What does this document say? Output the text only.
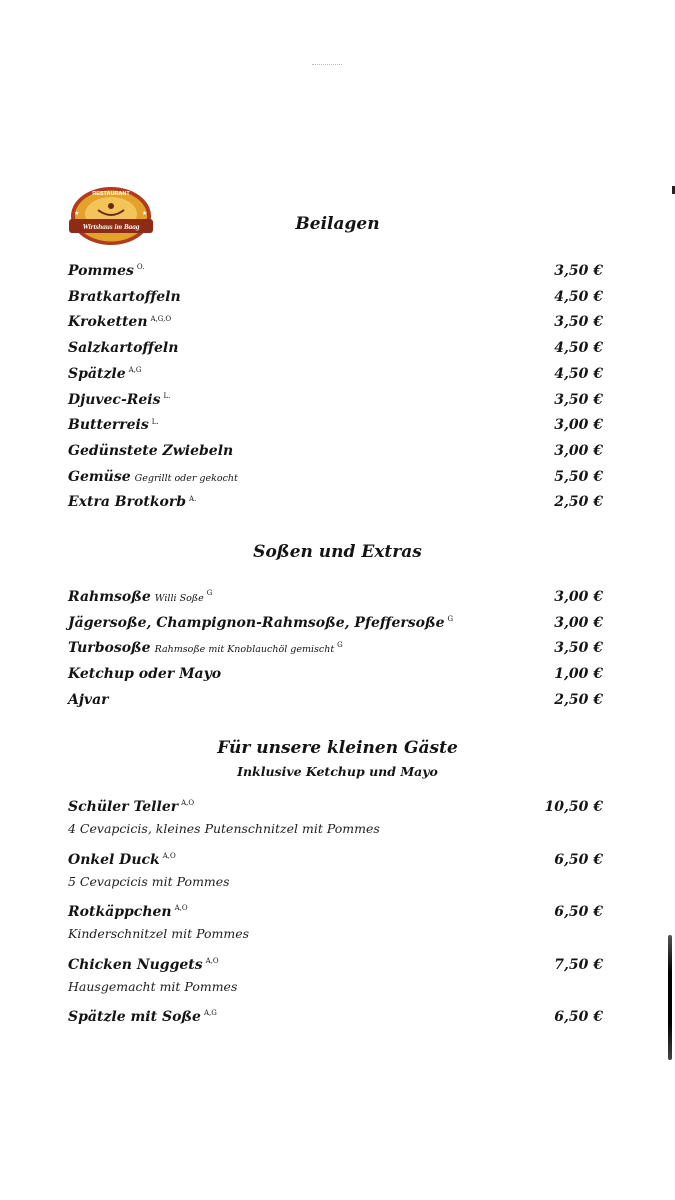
RESTAURANT
Wirtshaus im Baag
★	★
Beilagen
Soßen und Extras
Für unsere kleinen Gäste
Inklusive Ketchup und Mayo
Pommes $^{O.}$	3,50 €
Bratkartoffeln	4,50 €
Kroketten $^{A,G,O}$	3,50 €
Salzkartoffeln	4,50 €
Spätzle $^{A,G}$	4,50 €
Djuvec-Reis $^{L.}$	3,50 €
Butterreis $^{L.}$	3,00 €
Gedünstete Zwiebeln	3,00 €
Gemüse Gegrillt oder gekocht	5,50 €
Extra Brotkorb $^{A.}$	2,50 €
Rahmsoße Willi Soße $^G$	3,00 €
Jägersoße, Champignon-Rahmsoße, Pfeffersoße $^G$	3,00 €
Turbosoße Rahmsoße mit Knoblauchöl gemischt $^G$	3,50 €
Ketchup oder Mayo	1,00 €
Ajvar	2,50 €
Schüler Teller $^{A,O}$	10,50 €
4 Cevapcicis, kleines Putenschnitzel mit Pommes
Onkel Duck $^{A,O}$	6,50 €
5 Cevapcicis mit Pommes
Rotkäppchen $^{A,O}$	6,50 €
Kinderschnitzel mit Pommes
Chicken Nuggets $^{A,O}$	7,50 €
Hausgemacht mit Pommes
Spätzle mit Soße $^{A,G}$	6,50 €
